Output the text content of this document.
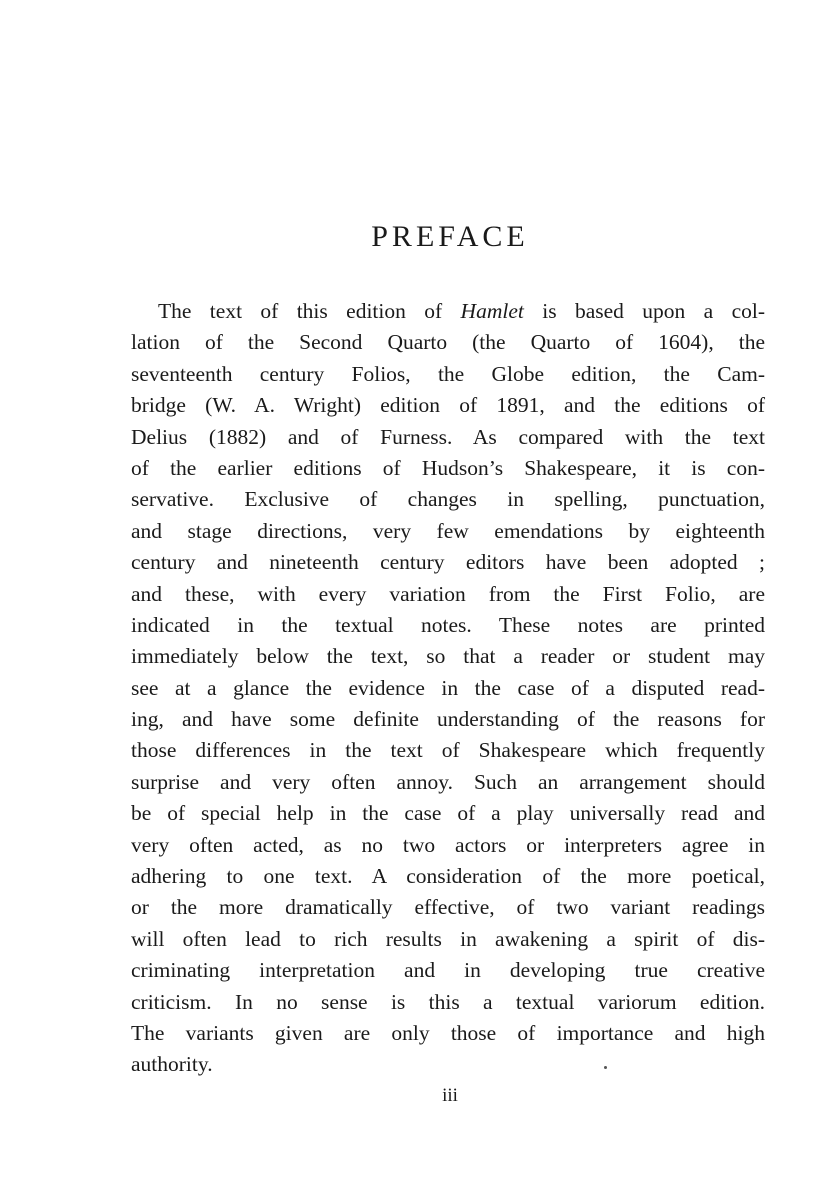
PREFACE
The text of this edition of Hamlet is based upon a col-
lation of the Second Quarto (the Quarto of 1604), the
seventeenth century Folios, the Globe edition, the Cam-
bridge (W. A. Wright) edition of 1891, and the editions of
Delius (1882) and of Furness. As compared with the text
of the earlier editions of Hudson’s Shakespeare, it is con-
servative. Exclusive of changes in spelling, punctuation,
and stage directions, very few emendations by eighteenth
century and nineteenth century editors have been adopted ;
and these, with every variation from the First Folio, are
indicated in the textual notes. These notes are printed
immediately below the text, so that a reader or student may
see at a glance the evidence in the case of a disputed read-
ing, and have some definite understanding of the reasons for
those differences in the text of Shakespeare which frequently
surprise and very often annoy. Such an arrangement should
be of special help in the case of a play universally read and
very often acted, as no two actors or interpreters agree in
adhering to one text. A consideration of the more poetical,
or the more dramatically effective, of two variant readings
will often lead to rich results in awakening a spirit of dis-
criminating interpretation and in developing true creative
criticism. In no sense is this a textual variorum edition.
The variants given are only those of importance and high
authority.

iii
